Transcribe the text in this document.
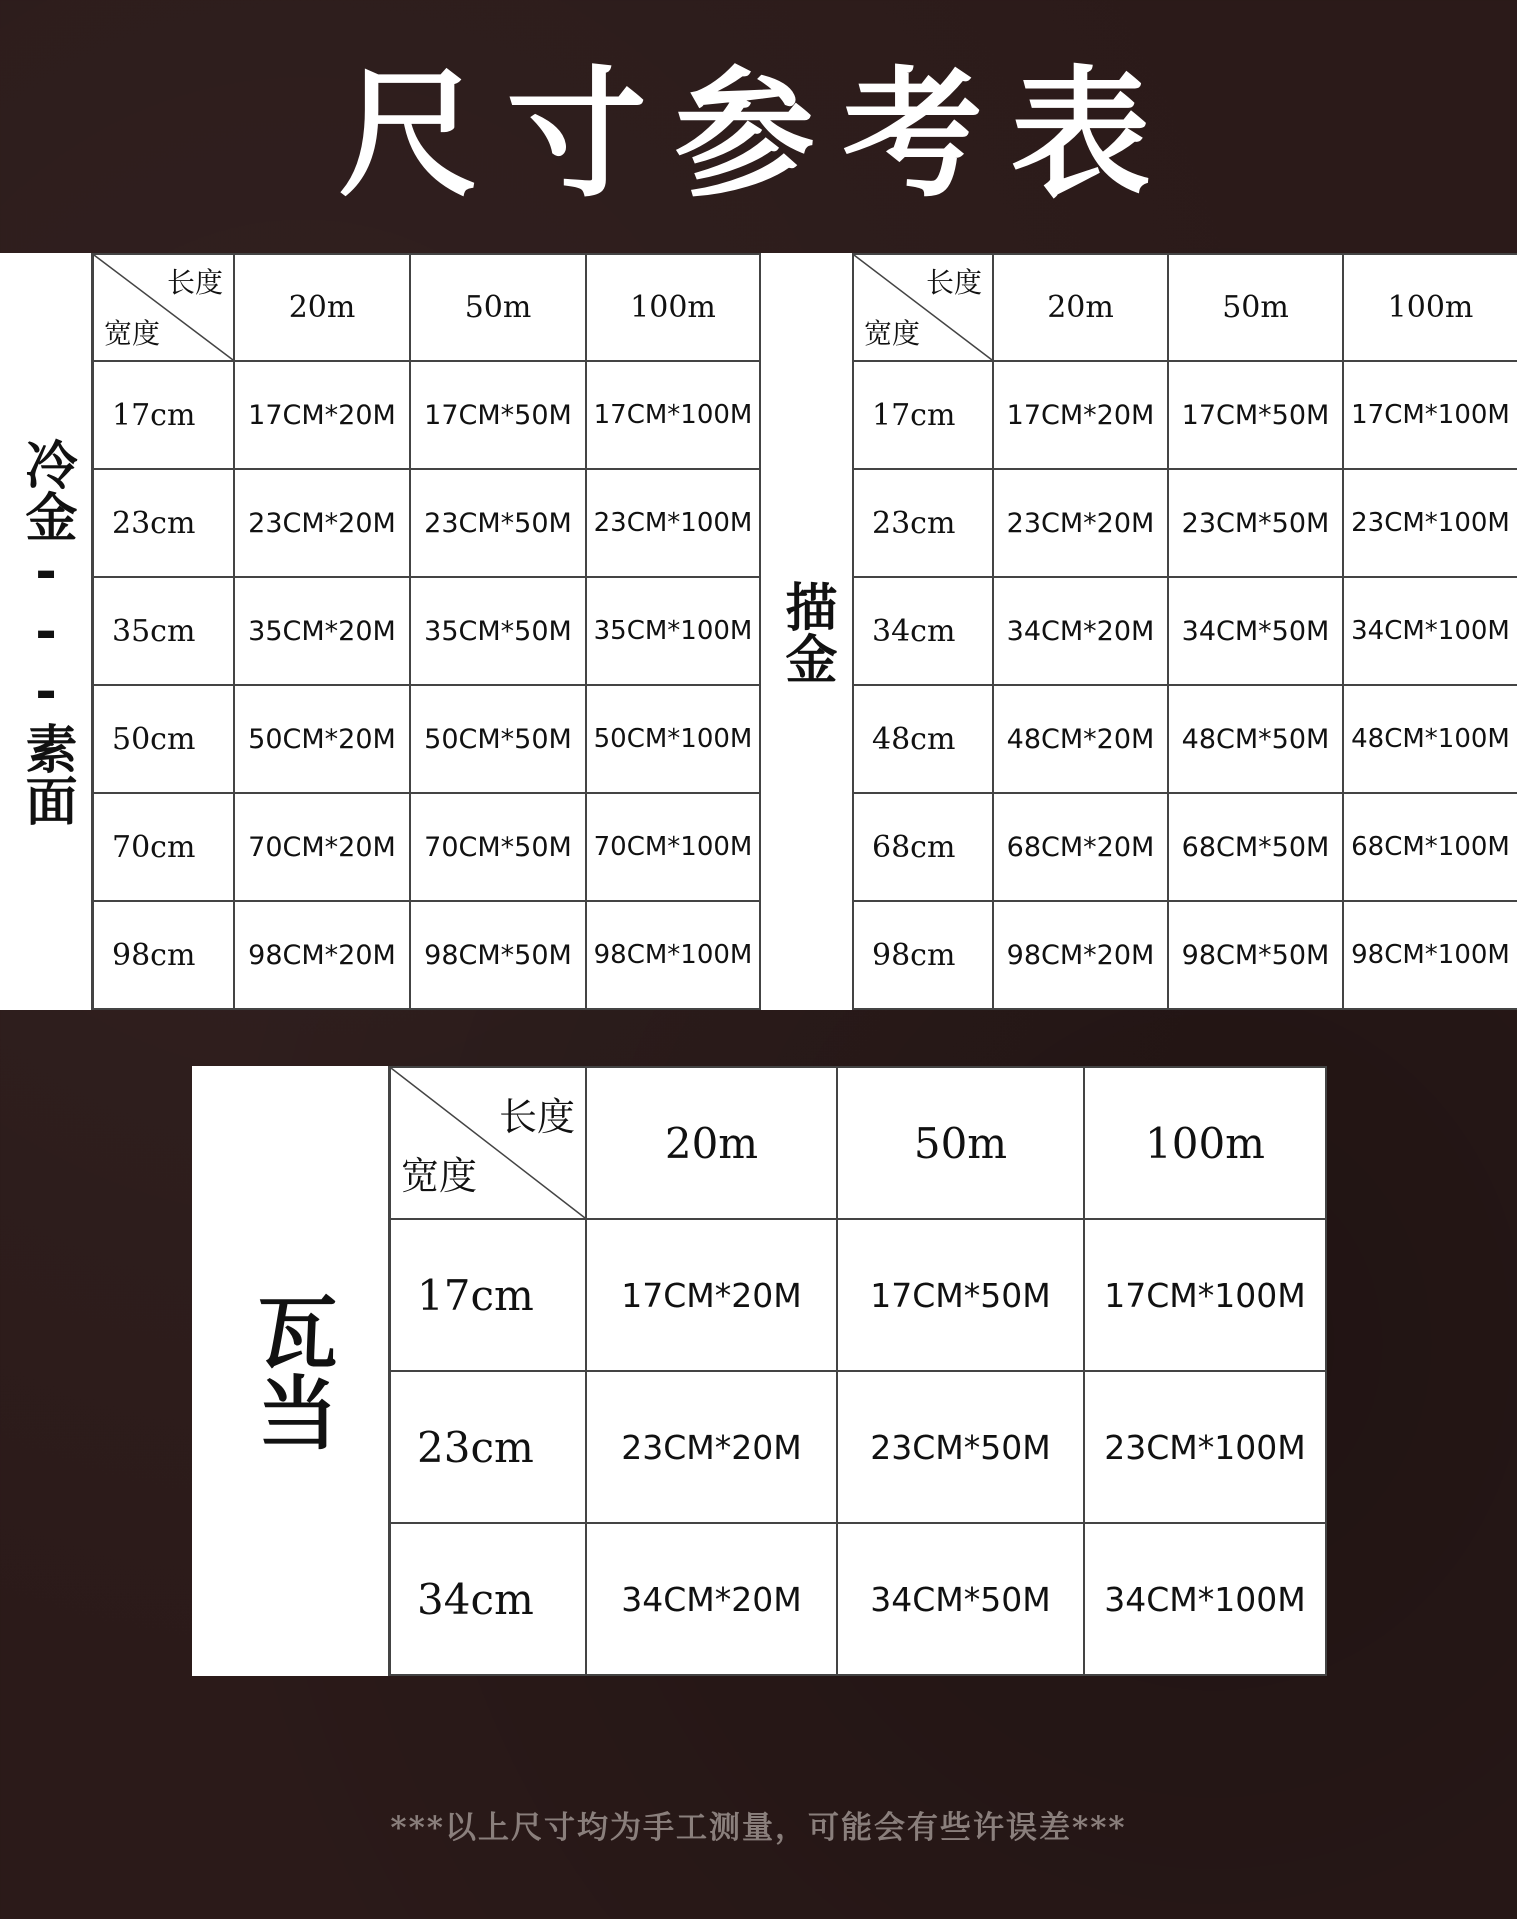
尺寸参考表
冷金---素面
长度
宽度	20m	50m	100m
17cm	17CM*20M	17CM*50M	17CM*100M
23cm	23CM*20M	23CM*50M	23CM*100M
35cm	35CM*20M	35CM*50M	35CM*100M
50cm	50CM*20M	50CM*50M	50CM*100M
70cm	70CM*20M	70CM*50M	70CM*100M
98cm	98CM*20M	98CM*50M	98CM*100M
描金
长度
宽度	20m	50m	100m
17cm	17CM*20M	17CM*50M	17CM*100M
23cm	23CM*20M	23CM*50M	23CM*100M
34cm	34CM*20M	34CM*50M	34CM*100M
48cm	48CM*20M	48CM*50M	48CM*100M
68cm	68CM*20M	68CM*50M	68CM*100M
98cm	98CM*20M	98CM*50M	98CM*100M
瓦当
长度
宽度	20m	50m	100m
17cm	17CM*20M	17CM*50M	17CM*100M
23cm	23CM*20M	23CM*50M	23CM*100M
34cm	34CM*20M	34CM*50M	34CM*100M
***以上尺寸均为手工测量，可能会有些许误差***
